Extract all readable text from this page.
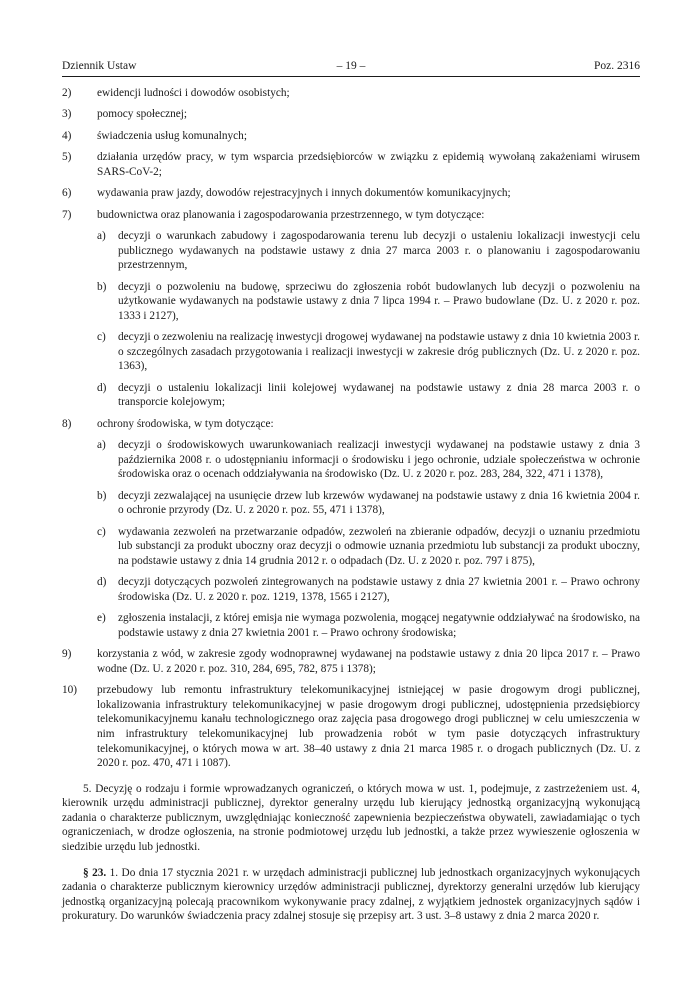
Dziennik Ustaw	– 19 –	Poz. 2316
2) ewidencji ludności i dowodów osobistych;
3) pomocy społecznej;
4) świadczenia usług komunalnych;
5) działania urzędów pracy, w tym wsparcia przedsiębiorców w związku z epidemią wywołaną zakażeniami wirusem SARS-CoV-2;
6) wydawania praw jazdy, dowodów rejestracyjnych i innych dokumentów komunikacyjnych;
7) budownictwa oraz planowania i zagospodarowania przestrzennego, w tym dotyczące:
a) decyzji o warunkach zabudowy i zagospodarowania terenu lub decyzji o ustaleniu lokalizacji inwestycji celu publicznego wydawanych na podstawie ustawy z dnia 27 marca 2003 r. o planowaniu i zagospodarowaniu przestrzennym,
b) decyzji o pozwoleniu na budowę, sprzeciwu do zgłoszenia robót budowlanych lub decyzji o pozwoleniu na użytkowanie wydawanych na podstawie ustawy z dnia 7 lipca 1994 r. – Prawo budowlane (Dz. U. z 2020 r. poz. 1333 i 2127),
c) decyzji o zezwoleniu na realizację inwestycji drogowej wydawanej na podstawie ustawy z dnia 10 kwietnia 2003 r. o szczególnych zasadach przygotowania i realizacji inwestycji w zakresie dróg publicznych (Dz. U. z 2020 r. poz. 1363),
d) decyzji o ustaleniu lokalizacji linii kolejowej wydawanej na podstawie ustawy z dnia 28 marca 2003 r. o transporcie kolejowym;
8) ochrony środowiska, w tym dotyczące:
a) decyzji o środowiskowych uwarunkowaniach realizacji inwestycji wydawanej na podstawie ustawy z dnia 3 października 2008 r. o udostępnianiu informacji o środowisku i jego ochronie, udziale społeczeństwa w ochronie środowiska oraz o ocenach oddziaływania na środowisko (Dz. U. z 2020 r. poz. 283, 284, 322, 471 i 1378),
b) decyzji zezwalającej na usunięcie drzew lub krzewów wydawanej na podstawie ustawy z dnia 16 kwietnia 2004 r. o ochronie przyrody (Dz. U. z 2020 r. poz. 55, 471 i 1378),
c) wydawania zezwoleń na przetwarzanie odpadów, zezwoleń na zbieranie odpadów, decyzji o uznaniu przedmiotu lub substancji za produkt uboczny oraz decyzji o odmowie uznania przedmiotu lub substancji za produkt uboczny, na podstawie ustawy z dnia 14 grudnia 2012 r. o odpadach (Dz. U. z 2020 r. poz. 797 i 875),
d) decyzji dotyczących pozwoleń zintegrowanych na podstawie ustawy z dnia 27 kwietnia 2001 r. – Prawo ochrony środowiska (Dz. U. z 2020 r. poz. 1219, 1378, 1565 i 2127),
e) zgłoszenia instalacji, z której emisja nie wymaga pozwolenia, mogącej negatywnie oddziaływać na środowisko, na podstawie ustawy z dnia 27 kwietnia 2001 r. – Prawo ochrony środowiska;
9) korzystania z wód, w zakresie zgody wodnoprawnej wydawanej na podstawie ustawy z dnia 20 lipca 2017 r. – Prawo wodne (Dz. U. z 2020 r. poz. 310, 284, 695, 782, 875 i 1378);
10) przebudowy lub remontu infrastruktury telekomunikacyjnej istniejącej w pasie drogowym drogi publicznej, lokalizowania infrastruktury telekomunikacyjnej w pasie drogowym drogi publicznej, udostępnienia przedsiębiorcy telekomunikacyjnemu kanału technologicznego oraz zajęcia pasa drogowego drogi publicznej w celu umieszczenia w nim infrastruktury telekomunikacyjnej lub prowadzenia robót w tym pasie dotyczących infrastruktury telekomunikacyjnej, o których mowa w art. 38–40 ustawy z dnia 21 marca 1985 r. o drogach publicznych (Dz. U. z 2020 r. poz. 470, 471 i 1087).

5. Decyzję o rodzaju i formie wprowadzanych ograniczeń, o których mowa w ust. 1, podejmuje, z zastrzeżeniem ust. 4, kierownik urzędu administracji publicznej, dyrektor generalny urzędu lub kierujący jednostką organizacyjną wykonującą zadania o charakterze publicznym, uwzględniając konieczność zapewnienia bezpieczeństwa obywateli, zawiadamiając o tych ograniczeniach, w drodze ogłoszenia, na stronie podmiotowej urzędu lub jednostki, a także przez wywieszenie ogłoszenia w siedzibie urzędu lub jednostki.

§ 23. 1. Do dnia 17 stycznia 2021 r. w urzędach administracji publicznej lub jednostkach organizacyjnych wykonujących zadania o charakterze publicznym kierownicy urzędów administracji publicznej, dyrektorzy generalni urzędów lub kierujący jednostką organizacyjną polecają pracownikom wykonywanie pracy zdalnej, z wyjątkiem jednostek organizacyjnych sądów i prokuratury. Do warunków świadczenia pracy zdalnej stosuje się przepisy art. 3 ust. 3–8 ustawy z dnia 2 marca 2020 r.
